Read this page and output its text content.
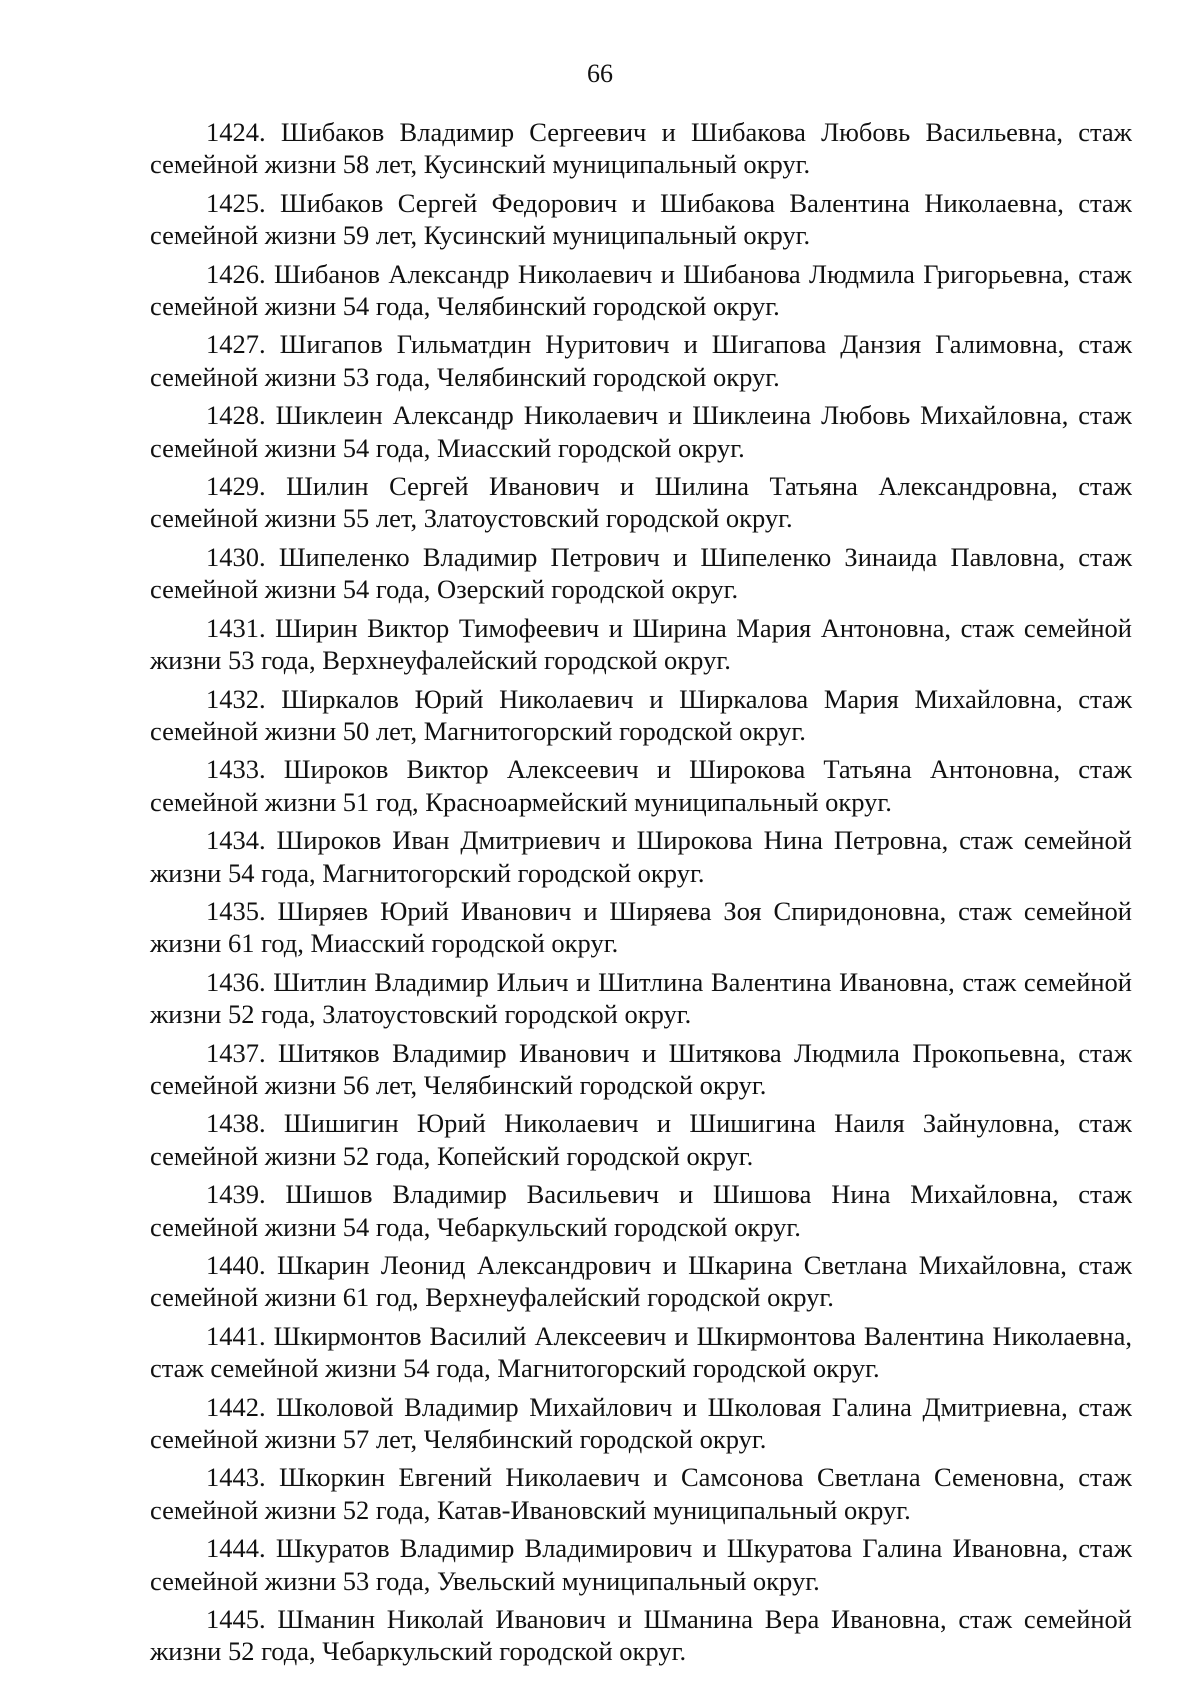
66

1424. Шибаков Владимир Сергеевич и Шибакова Любовь Васильевна, стаж семейной жизни 58 лет, Кусинский муниципальный округ.

1425. Шибаков Сергей Федорович и Шибакова Валентина Николаевна, стаж семейной жизни 59 лет, Кусинский муниципальный округ.

1426. Шибанов Александр Николаевич и Шибанова Людмила Григорьевна, стаж семейной жизни 54 года, Челябинский городской округ.

1427. Шигапов Гильматдин Нуритович и Шигапова Данзия Галимовна, стаж семейной жизни 53 года, Челябинский городской округ.

1428. Шиклеин Александр Николаевич и Шиклеина Любовь Михайловна, стаж семейной жизни 54 года, Миасский городской округ.

1429. Шилин Сергей Иванович и Шилина Татьяна Александровна, стаж семейной жизни 55 лет, Златоустовский городской округ.

1430. Шипеленко Владимир Петрович и Шипеленко Зинаида Павловна, стаж семейной жизни 54 года, Озерский городской округ.

1431. Ширин Виктор Тимофеевич и Ширина Мария Антоновна, стаж семейной жизни 53 года, Верхнеуфалейский городской округ.

1432. Ширкалов Юрий Николаевич и Ширкалова Мария Михайловна, стаж семейной жизни 50 лет, Магнитогорский городской округ.

1433. Широков Виктор Алексеевич и Широкова Татьяна Антоновна, стаж семейной жизни 51 год, Красноармейский муниципальный округ.

1434. Широков Иван Дмитриевич и Широкова Нина Петровна, стаж семейной жизни 54 года, Магнитогорский городской округ.

1435. Ширяев Юрий Иванович и Ширяева Зоя Спиридоновна, стаж семейной жизни 61 год, Миасский городской округ.

1436. Шитлин Владимир Ильич и Шитлина Валентина Ивановна, стаж семейной жизни 52 года, Златоустовский городской округ.

1437. Шитяков Владимир Иванович и Шитякова Людмила Прокопьевна, стаж семейной жизни 56 лет, Челябинский городской округ.

1438. Шишигин Юрий Николаевич и Шишигина Наиля Зайнуловна, стаж семейной жизни 52 года, Копейский городской округ.

1439. Шишов Владимир Васильевич и Шишова Нина Михайловна, стаж семейной жизни 54 года, Чебаркульский городской округ.

1440. Шкарин Леонид Александрович и Шкарина Светлана Михайловна, стаж семейной жизни 61 год, Верхнеуфалейский городской округ.

1441. Шкирмонтов Василий Алексеевич и Шкирмонтова Валентина Николаевна, стаж семейной жизни 54 года, Магнитогорский городской округ.

1442. Школовой Владимир Михайлович и Школовая Галина Дмитриевна, стаж семейной жизни 57 лет, Челябинский городской округ.

1443. Шкоркин Евгений Николаевич и Самсонова Светлана Семеновна, стаж семейной жизни 52 года, Катав-Ивановский муниципальный округ.

1444. Шкуратов Владимир Владимирович и Шкуратова Галина Ивановна, стаж семейной жизни 53 года, Увельский муниципальный округ.

1445. Шманин Николай Иванович и Шманина Вера Ивановна, стаж семейной жизни 52 года, Чебаркульский городской округ.
